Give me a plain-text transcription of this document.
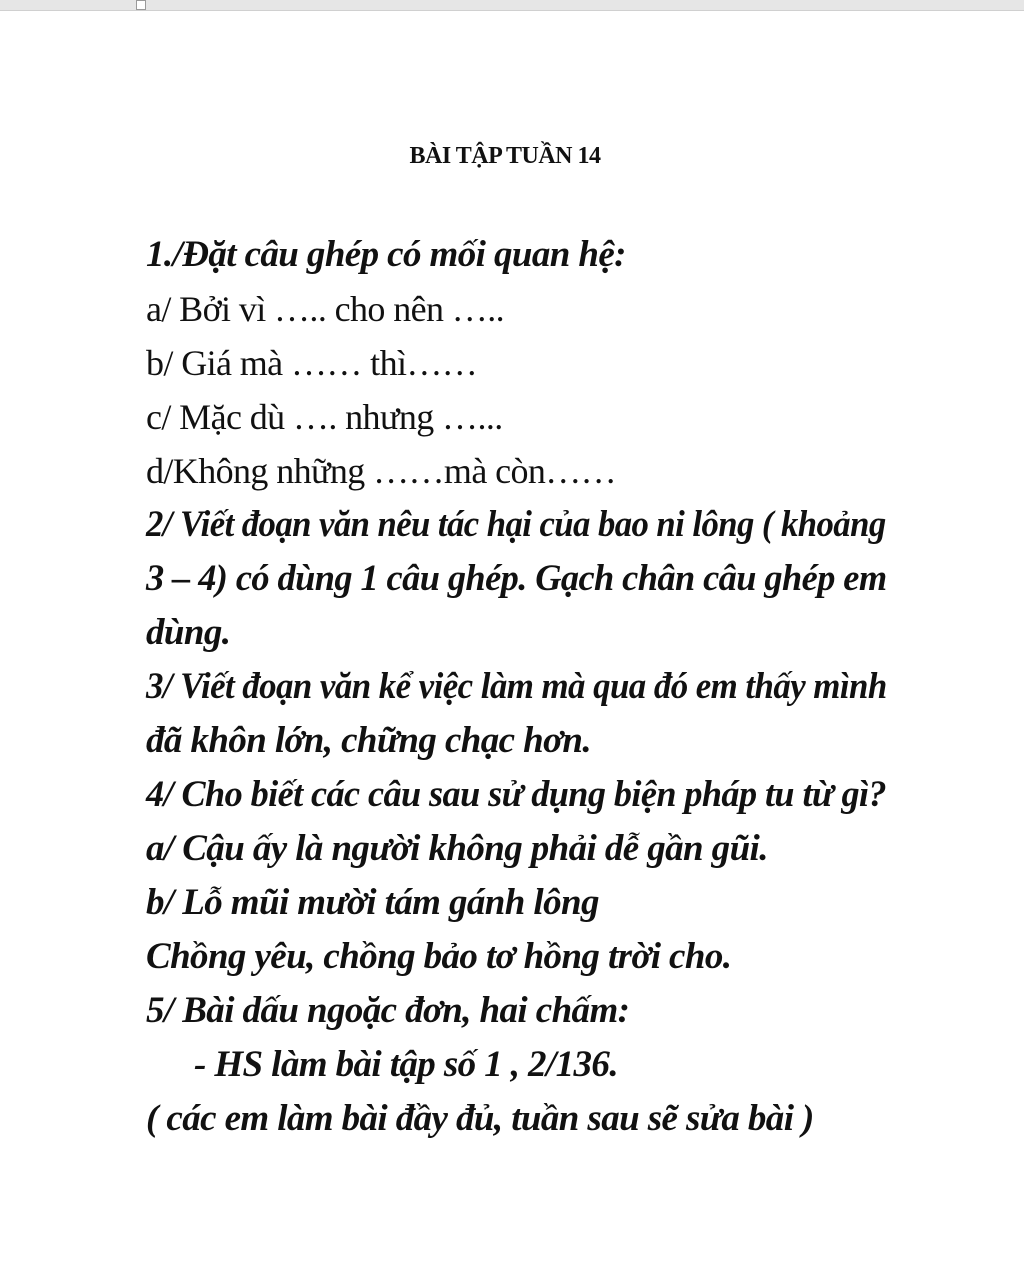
BÀI TẬP TUẦN 14
1./Đặt câu ghép có mối quan hệ:
a/ Bởi vì ….. cho nên …..
b/ Giá mà …… thì……
c/ Mặc dù …. nhưng …...
d/Không những ……mà còn……
2/ Viết đoạn văn nêu tác hại của bao ni lông ( khoảng
3 – 4) có dùng 1 câu ghép. Gạch chân câu ghép em
dùng.
3/ Viết đoạn văn kể việc làm mà qua đó em thấy mình
đã khôn lớn, chững chạc hơn.
4/ Cho biết các câu sau sử dụng biện pháp tu từ gì?
a/ Cậu ấy là người không phải dễ gần gũi.
b/ Lỗ mũi mười tám gánh lông
Chồng yêu, chồng bảo tơ hồng trời cho.
5/ Bài dấu ngoặc đơn, hai chấm:
- HS làm bài tập số 1 , 2/136.
( các em làm bài đầy đủ, tuần sau sẽ sửa bài )
